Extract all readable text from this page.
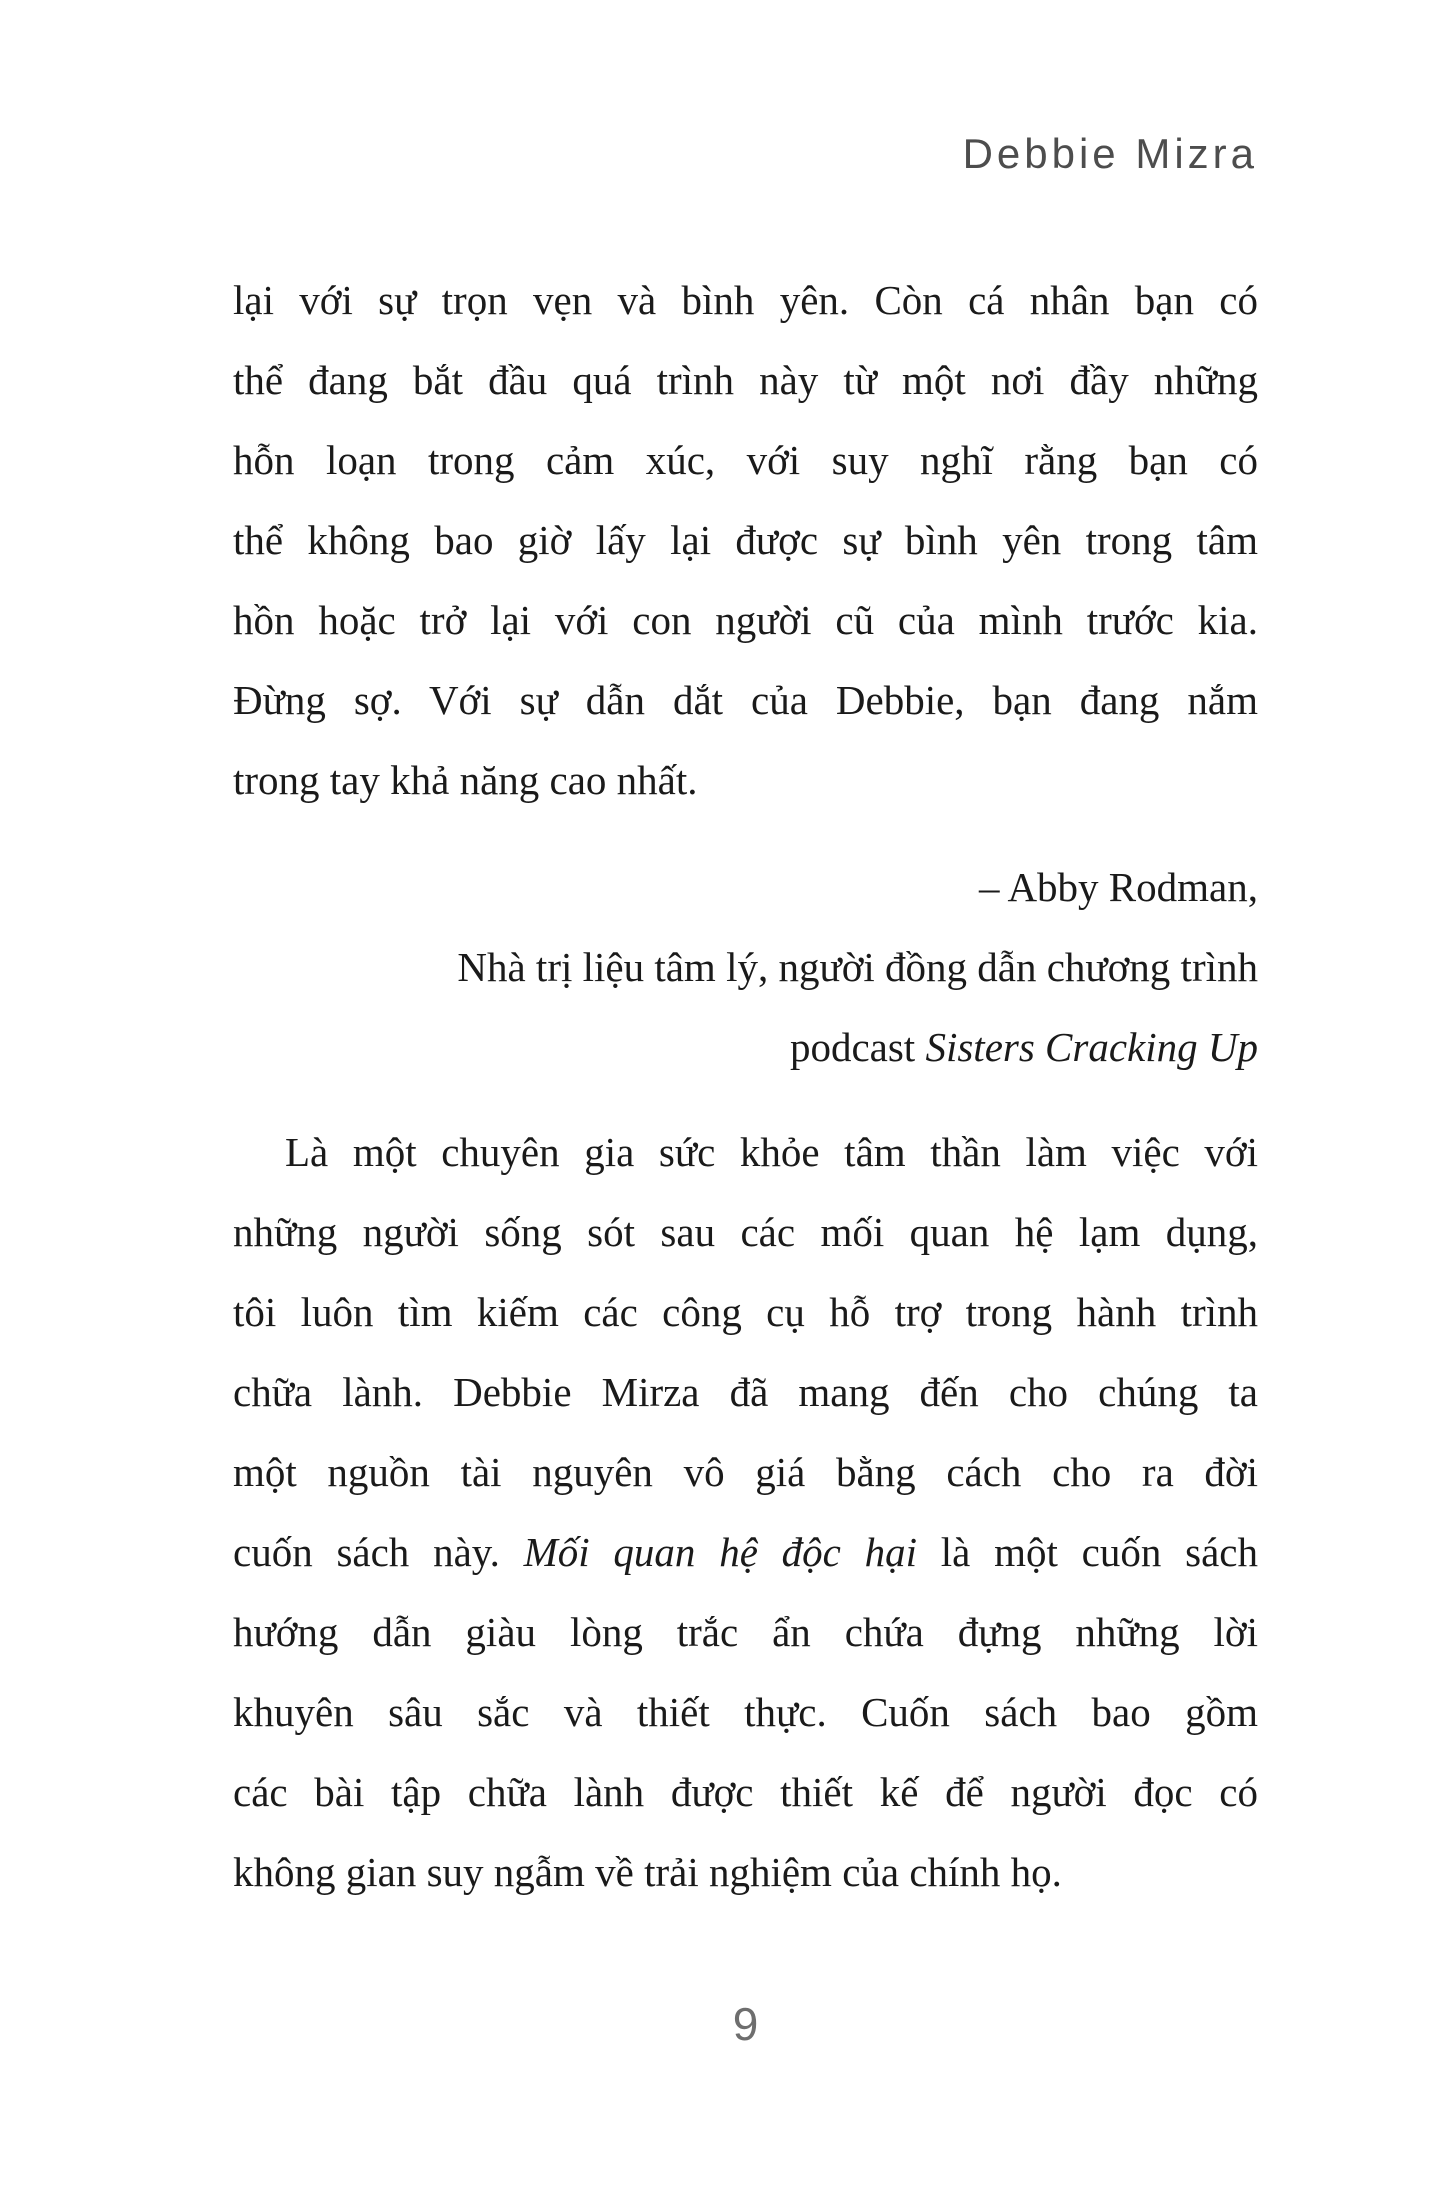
Debbie Mizra
lại với sự trọn vẹn và bình yên. Còn cá nhân bạn có
thể đang bắt đầu quá trình này từ một nơi đầy những
hỗn loạn trong cảm xúc, với suy nghĩ rằng bạn có
thể không bao giờ lấy lại được sự bình yên trong tâm
hồn hoặc trở lại với con người cũ của mình trước kia.
Đừng sợ. Với sự dẫn dắt của Debbie, bạn đang nắm
trong tay khả năng cao nhất.
– Abby Rodman,
Nhà trị liệu tâm lý, người đồng dẫn chương trình
podcast Sisters Cracking Up
Là một chuyên gia sức khỏe tâm thần làm việc với
những người sống sót sau các mối quan hệ lạm dụng,
tôi luôn tìm kiếm các công cụ hỗ trợ trong hành trình
chữa lành. Debbie Mirza đã mang đến cho chúng ta
một nguồn tài nguyên vô giá bằng cách cho ra đời
cuốn sách này. Mối quan hệ độc hại là một cuốn sách
hướng dẫn giàu lòng trắc ẩn chứa đựng những lời
khuyên sâu sắc và thiết thực. Cuốn sách bao gồm
các bài tập chữa lành được thiết kế để người đọc có
không gian suy ngẫm về trải nghiệm của chính họ.
9
